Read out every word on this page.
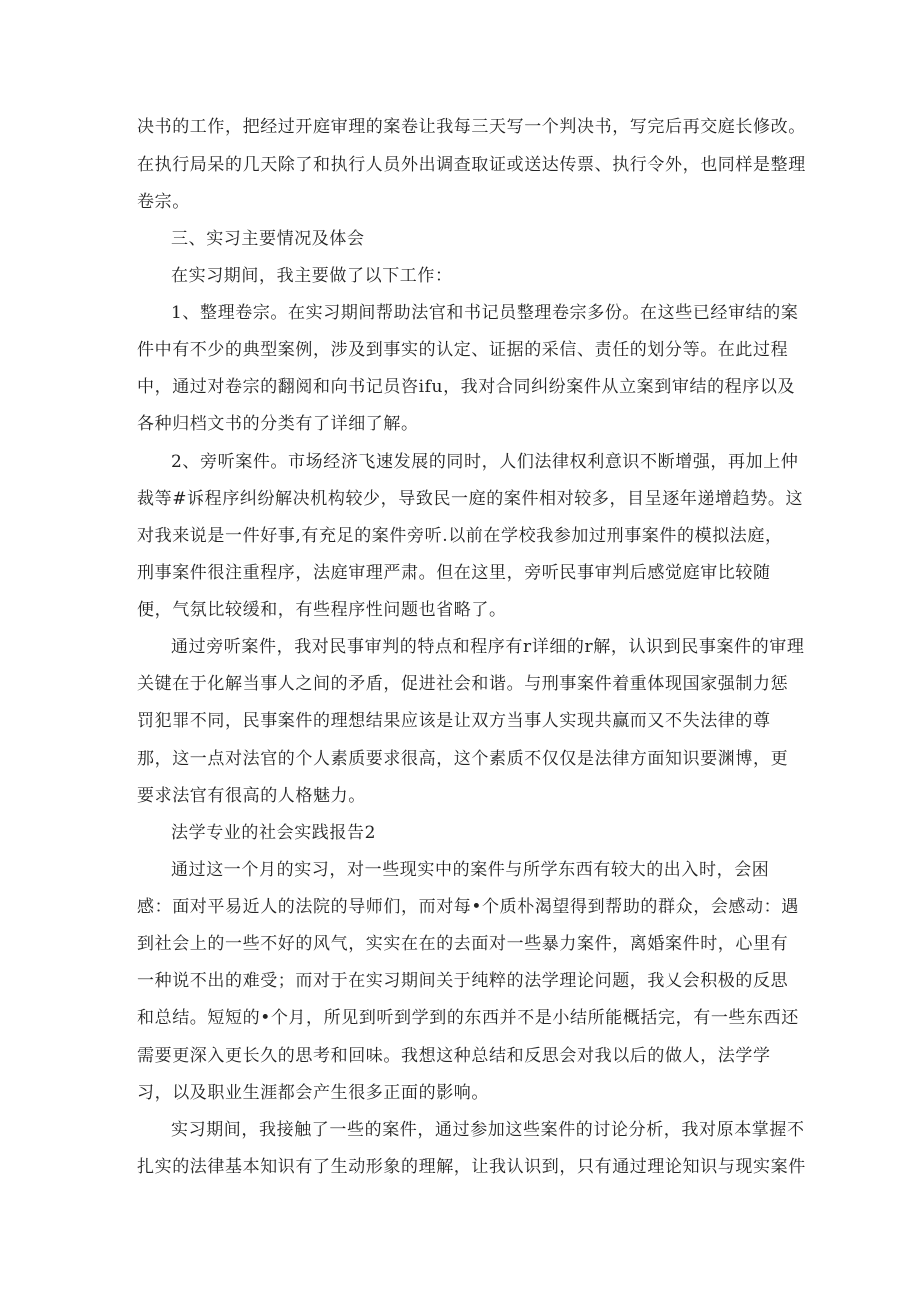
决书的工作，把经过开庭审理的案卷让我每三天写一个判决书，写完后再交庭长修改。
在执行局呆的几天除了和执行人员外出调查取证或送达传票、执行令外，也同样是整理
卷宗。
三、实习主要情况及体会
在实习期间，我主要做了以下工作：
1、整理卷宗。在实习期间帮助法官和书记员整理卷宗多份。在这些已经审结的案
件中有不少的典型案例，涉及到事实的认定、证据的采信、责任的划分等。在此过程
中，通过对卷宗的翻阅和向书记员咨ifu，我对合同纠纷案件从立案到审结的程序以及
各种归档文书的分类有了详细了解。
2、旁听案件。市场经济飞速发展的同时，人们法律权利意识不断增强，再加上仲
裁等#诉程序纠纷解决机构较少，导致民一庭的案件相对较多，目呈逐年递增趋势。这
对我来说是一件好事,有充足的案件旁听.以前在学校我参加过刑事案件的模拟法庭，
刑事案件很注重程序，法庭审理严肃。但在这里，旁听民事审判后感觉庭审比较随
便，气氛比较缓和，有些程序性问题也省略了。
通过旁听案件，我对民事审判的特点和程序有r详细的r解，认识到民事案件的审理
关键在于化解当事人之间的矛盾，促进社会和谐。与刑事案件着重体现国家强制力惩
罚犯罪不同，民事案件的理想结果应该是让双方当事人实现共赢而又不失法律的尊
那，这一点对法官的个人素质要求很高，这个素质不仅仅是法律方面知识要渊博，更
要求法官有很高的人格魅力。
法学专业的社会实践报告2
通过这一个月的实习，对一些现实中的案件与所学东西有较大的出入时，会困
感：面对平易近人的法院的导师们，而对每•个质朴渴望得到帮助的群众，会感动：遇
到社会上的一些不好的风气，实实在在的去面对一些暴力案件，离婚案件时，心里有
一种说不出的难受；而对于在实习期间关于纯粹的法学理论问题，我乂会积极的反思
和总结。短短的•个月，所见到听到学到的东西并不是小结所能概括完，有一些东西还
需要更深入更长久的思考和回味。我想这种总结和反思会对我以后的做人，法学学
习，以及职业生涯都会产生很多正面的影响。
实习期间，我接触了一些的案件，通过参加这些案件的讨论分析，我对原本掌握不
扎实的法律基本知识有了生动形象的理解，让我认识到，只有通过理论知识与现实案件
